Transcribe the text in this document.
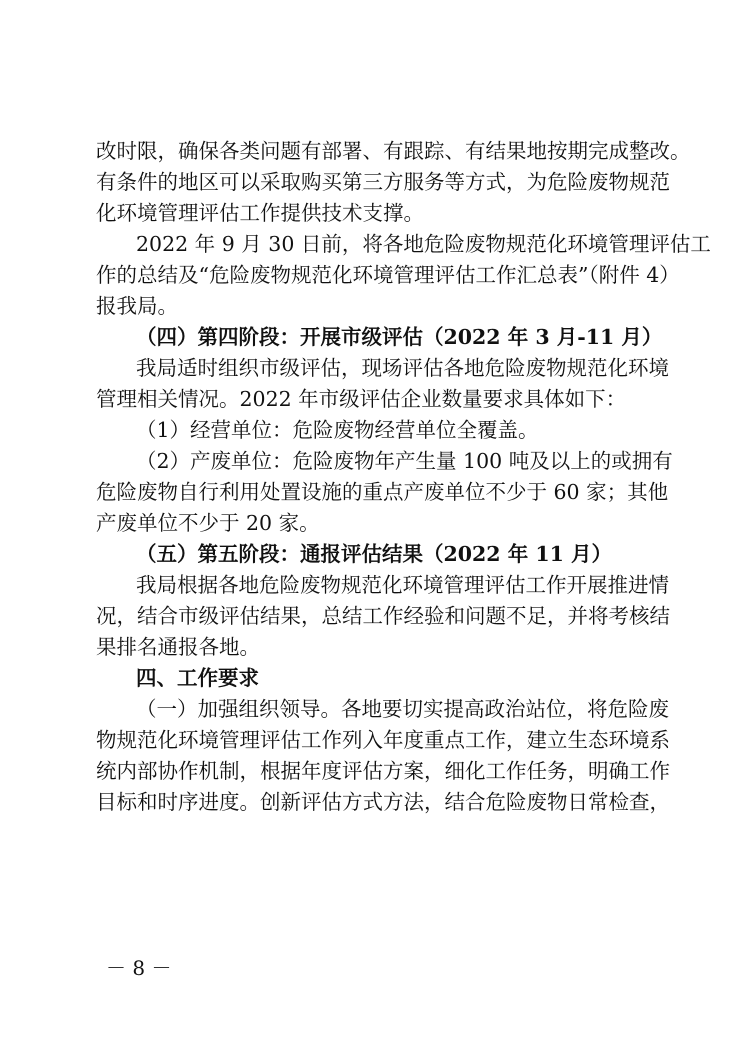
改时限，确保各类问题有部署、有跟踪、有结果地按期完成整改。
有条件的地区可以采取购买第三方服务等方式，为危险废物规范
化环境管理评估工作提供技术支撑。
2022 年 9 月 30 日前，将各地危险废物规范化环境管理评估工
作的总结及“危险废物规范化环境管理评估工作汇总表”（附件 4）
报我局。
（四）第四阶段：开展市级评估（2022 年 3 月-11 月）
我局适时组织市级评估，现场评估各地危险废物规范化环境
管理相关情况。2022 年市级评估企业数量要求具体如下：
（1）经营单位：危险废物经营单位全覆盖。
（2）产废单位：危险废物年产生量 100 吨及以上的或拥有
危险废物自行利用处置设施的重点产废单位不少于 60 家；其他
产废单位不少于 20 家。
（五）第五阶段：通报评估结果（2022 年 11 月）
我局根据各地危险废物规范化环境管理评估工作开展推进情
况，结合市级评估结果，总结工作经验和问题不足，并将考核结
果排名通报各地。
四、工作要求
（一）加强组织领导。各地要切实提高政治站位，将危险废
物规范化环境管理评估工作列入年度重点工作，建立生态环境系
统内部协作机制，根据年度评估方案，细化工作任务，明确工作
目标和时序进度。创新评估方式方法，结合危险废物日常检查，
－ 8 －
